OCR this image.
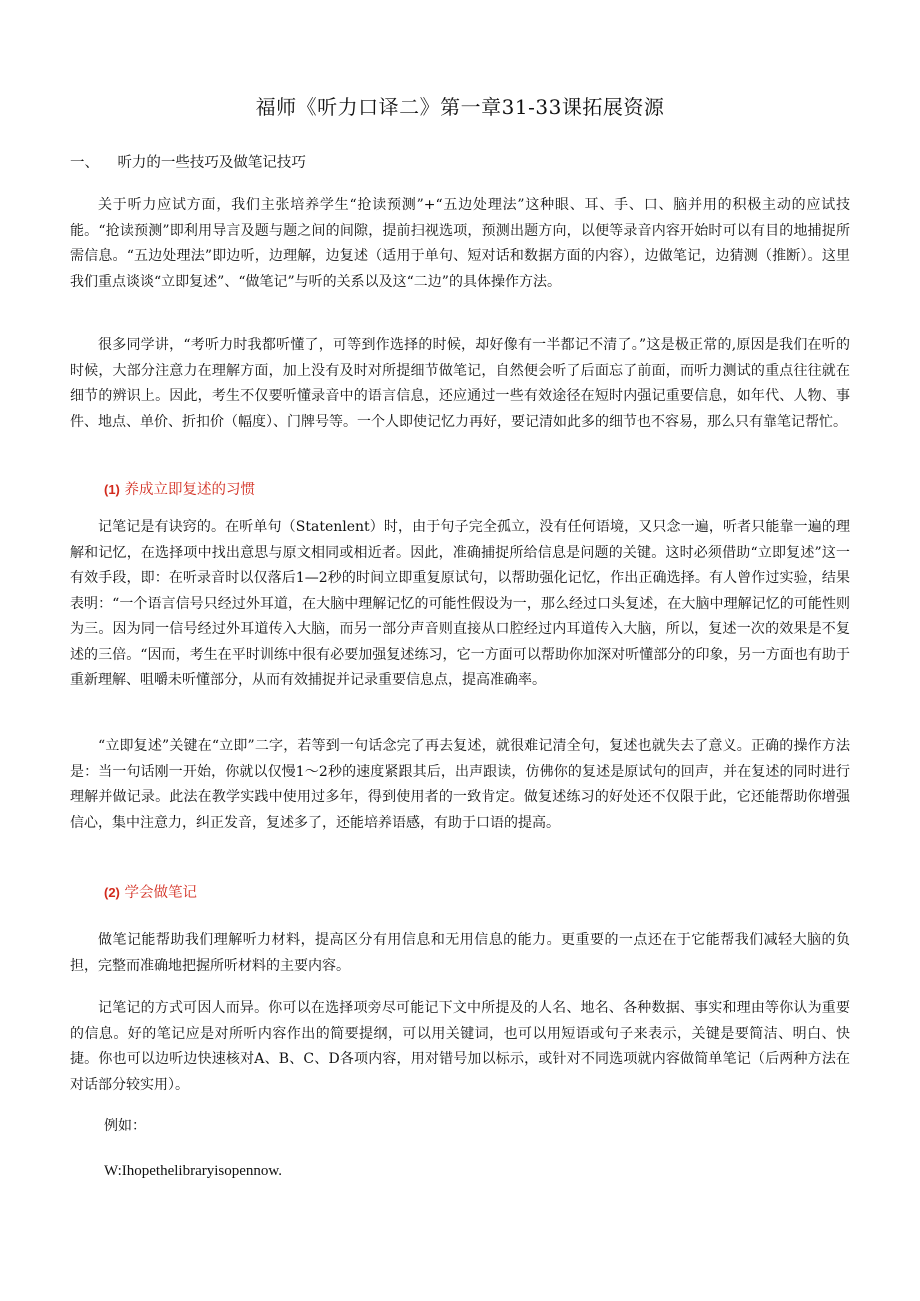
福师《听力口译二》第一章31-33课拓展资源
一、 听力的一些技巧及做笔记技巧

关于听力应试方面，我们主张培养学生“抢读预测”+“五边处理法”这种眼、耳、手、口、脑并用的积极主动的应试技能。“抢读预测”即利用导言及题与题之间的间隙，提前扫视选项，预测出题方向，以便等录音内容开始时可以有目的地捕捉所需信息。“五边处理法”即边听，边理解，边复述（适用于单句、短对话和数据方面的内容），边做笔记，边猜测（推断）。这里我们重点谈谈“立即复述”、“做笔记”与听的关系以及这“二边”的具体操作方法。

很多同学讲，“考听力时我都听懂了，可等到作选择的时候，却好像有一半都记不清了。”这是极正常的,原因是我们在听的时候，大部分注意力在理解方面，加上没有及时对所提细节做笔记，自然便会听了后面忘了前面，而听力测试的重点往往就在细节的辨识上。因此，考生不仅要听懂录音中的语言信息，还应通过一些有效途径在短时内强记重要信息，如年代、人物、事件、地点、单价、折扣价（幅度）、门牌号等。一个人即使记忆力再好，要记清如此多的细节也不容易，那么只有靠笔记帮忙。

(1) 养成立即复述的习惯

记笔记是有诀窍的。在听单句（Statenlent）时，由于句子完全孤立，没有任何语境，又只念一遍，听者只能靠一遍的理解和记忆，在选择项中找出意思与原文相同或相近者。因此，准确捕捉所给信息是问题的关键。这时必须借助“立即复述”这一有效手段，即：在听录音时以仅落后1—2秒的时间立即重复原试句，以帮助强化记忆，作出正确选择。有人曾作过实验，结果表明：“一个语言信号只经过外耳道，在大脑中理解记忆的可能性假设为一，那么经过口头复述，在大脑中理解记忆的可能性则为三。因为同一信号经过外耳道传入大脑，而另一部分声音则直接从口腔经过内耳道传入大脑，所以，复述一次的效果是不复述的三倍。“因而，考生在平时训练中很有必要加强复述练习，它一方面可以帮助你加深对听懂部分的印象，另一方面也有助于重新理解、咀嚼未听懂部分，从而有效捕捉并记录重要信息点，提高准确率。

“立即复述”关键在“立即”二字，若等到一句话念完了再去复述，就很难记清全句，复述也就失去了意义。正确的操作方法是：当一句话刚一开始，你就以仅慢1～2秒的速度紧跟其后，出声跟读，仿佛你的复述是原试句的回声，并在复述的同时进行理解并做记录。此法在教学实践中使用过多年，得到使用者的一致肯定。做复述练习的好处还不仅限于此，它还能帮助你增强信心，集中注意力，纠正发音，复述多了，还能培养语感，有助于口语的提高。

(2) 学会做笔记

做笔记能帮助我们理解听力材料，提高区分有用信息和无用信息的能力。更重要的一点还在于它能帮我们减轻大脑的负担，完整而准确地把握所听材料的主要内容。

记笔记的方式可因人而异。你可以在选择项旁尽可能记下文中所提及的人名、地名、各种数据、事实和理由等你认为重要的信息。好的笔记应是对所听内容作出的简要提纲，可以用关键词，也可以用短语或句子来表示，关键是要简洁、明白、快捷。你也可以边听边快速核对A、B、C、D各项内容，用对错号加以标示，或针对不同选项就内容做简单笔记（后两种方法在对话部分较实用）。

例如：
W:Ihopethelibraryisopennow.
